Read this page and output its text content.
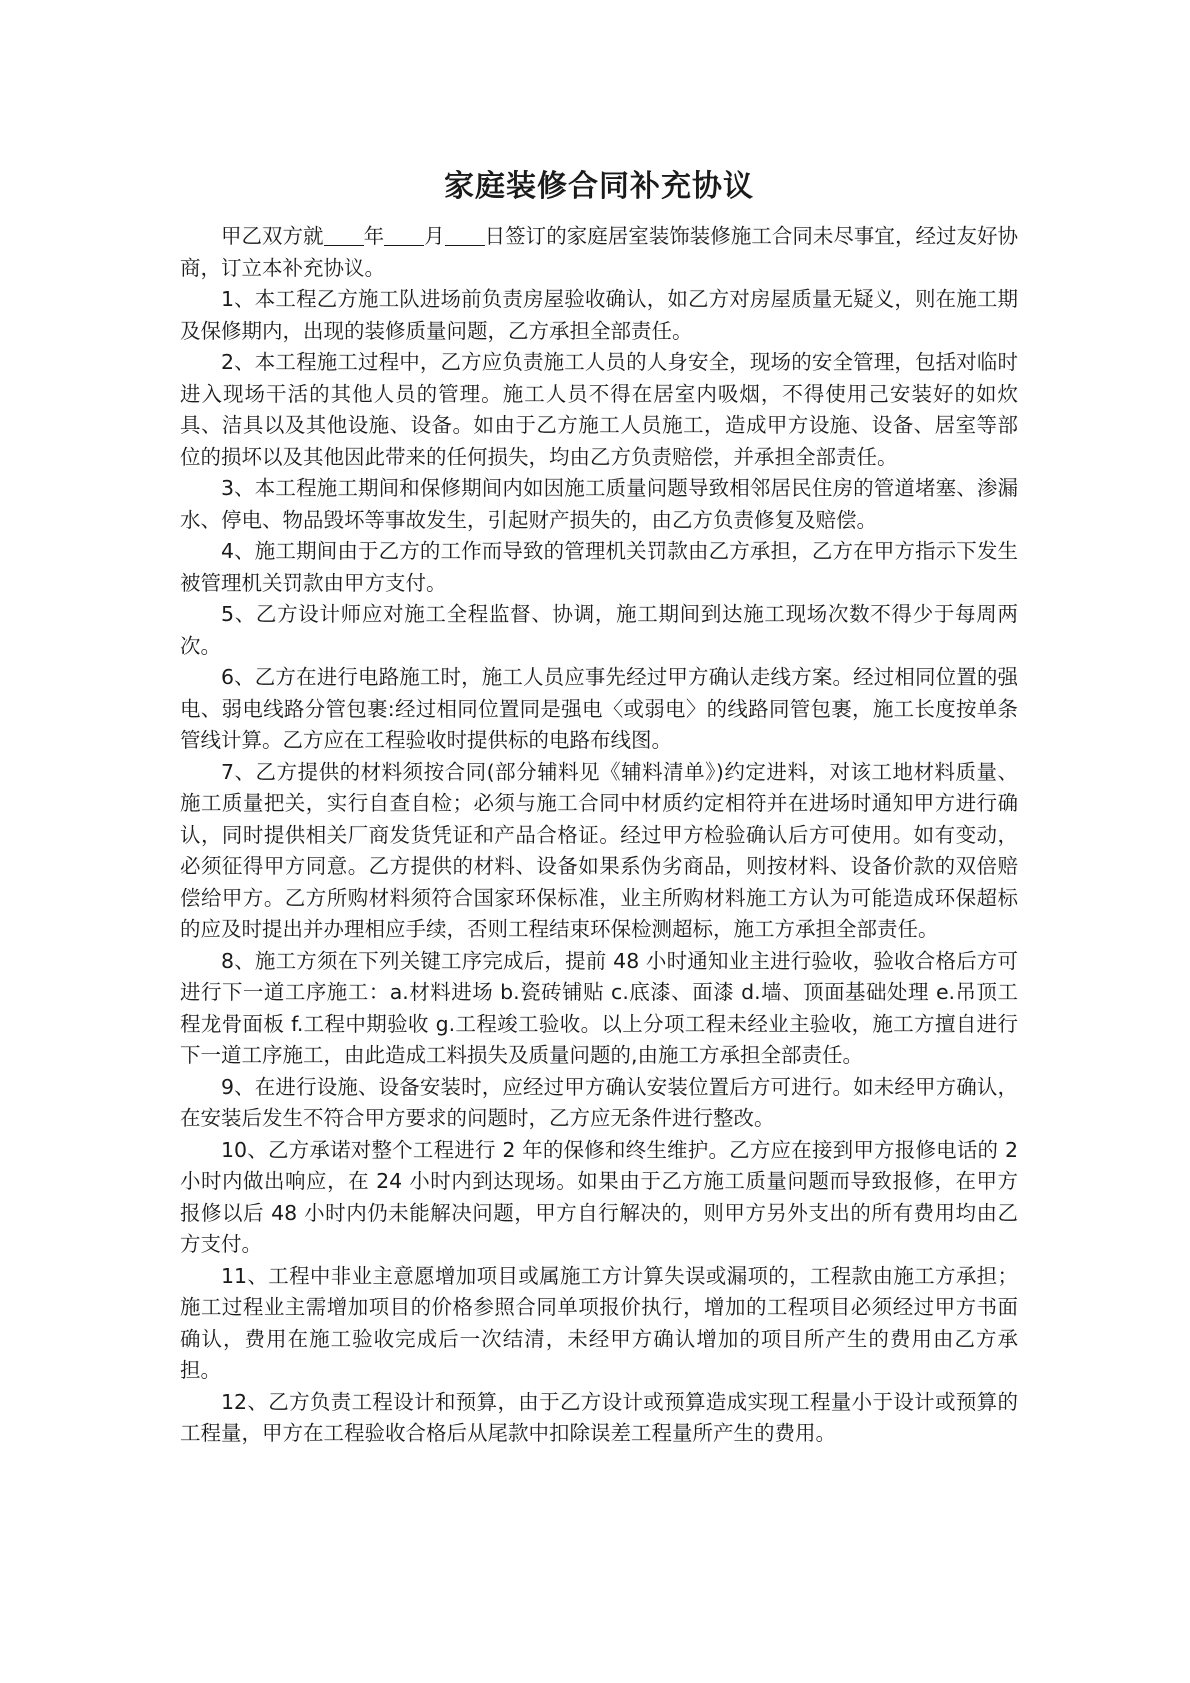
家庭装修合同补充协议

甲乙双方就 年 月 日签订的家庭居室装饰装修施工合同未尽事宜，经过友好协商，订立本补充协议。

1、本工程乙方施工队进场前负责房屋验收确认，如乙方对房屋质量无疑义，则在施工期及保修期内，出现的装修质量问题，乙方承担全部责任。

2、本工程施工过程中，乙方应负责施工人员的人身安全，现场的安全管理，包括对临时进入现场干活的其他人员的管理。施工人员不得在居室内吸烟，不得使用己安装好的如炊具、洁具以及其他设施、设备。如由于乙方施工人员施工，造成甲方设施、设备、居室等部位的损坏以及其他因此带来的任何损失，均由乙方负责赔偿，并承担全部责任。

3、本工程施工期间和保修期间内如因施工质量问题导致相邻居民住房的管道堵塞、渗漏水、停电、物品毁坏等事故发生，引起财产损失的，由乙方负责修复及赔偿。

4、施工期间由于乙方的工作而导致的管理机关罚款由乙方承担，乙方在甲方指示下发生被管理机关罚款由甲方支付。

5、乙方设计师应对施工全程监督、协调，施工期间到达施工现场次数不得少于每周两次。

6、乙方在进行电路施工时，施工人员应事先经过甲方确认走线方案。经过相同位置的强电、弱电线路分管包裹:经过相同位置同是强电〈或弱电〉的线路同管包裹，施工长度按单条管线计算。乙方应在工程验收时提供标的电路布线图。

7、乙方提供的材料须按合同(部分辅料见《辅料清单》)约定进料，对该工地材料质量、施工质量把关，实行自查自检；必须与施工合同中材质约定相符并在进场时通知甲方进行确认，同时提供相关厂商发货凭证和产品合格证。经过甲方检验确认后方可使用。如有变动，必须征得甲方同意。乙方提供的材料、设备如果系伪劣商品，则按材料、设备价款的双倍赔偿给甲方。乙方所购材料须符合国家环保标准，业主所购材料施工方认为可能造成环保超标的应及时提出并办理相应手续，否则工程结束环保检测超标，施工方承担全部责任。

8、施工方须在下列关键工序完成后，提前 48 小时通知业主进行验收，验收合格后方可进行下一道工序施工：a.材料进场 b.瓷砖铺贴 c.底漆、面漆 d.墙、顶面基础处理 e.吊顶工程龙骨面板 f.工程中期验收 g.工程竣工验收。以上分项工程未经业主验收，施工方擅自进行下一道工序施工，由此造成工料损失及质量问题的,由施工方承担全部责任。

9、在进行设施、设备安装时，应经过甲方确认安装位置后方可进行。如未经甲方确认，在安装后发生不符合甲方要求的问题时，乙方应无条件进行整改。

10、乙方承诺对整个工程进行 2 年的保修和终生维护。乙方应在接到甲方报修电话的 2 小时内做出响应，在 24 小时内到达现场。如果由于乙方施工质量问题而导致报修，在甲方报修以后 48 小时内仍未能解决问题，甲方自行解决的，则甲方另外支出的所有费用均由乙方支付。

11、工程中非业主意愿增加项目或属施工方计算失误或漏项的，工程款由施工方承担；施工过程业主需增加项目的价格参照合同单项报价执行，增加的工程项目必须经过甲方书面确认，费用在施工验收完成后一次结清，未经甲方确认增加的项目所产生的费用由乙方承担。

12、乙方负责工程设计和预算，由于乙方设计或预算造成实现工程量小于设计或预算的工程量，甲方在工程验收合格后从尾款中扣除误差工程量所产生的费用。
